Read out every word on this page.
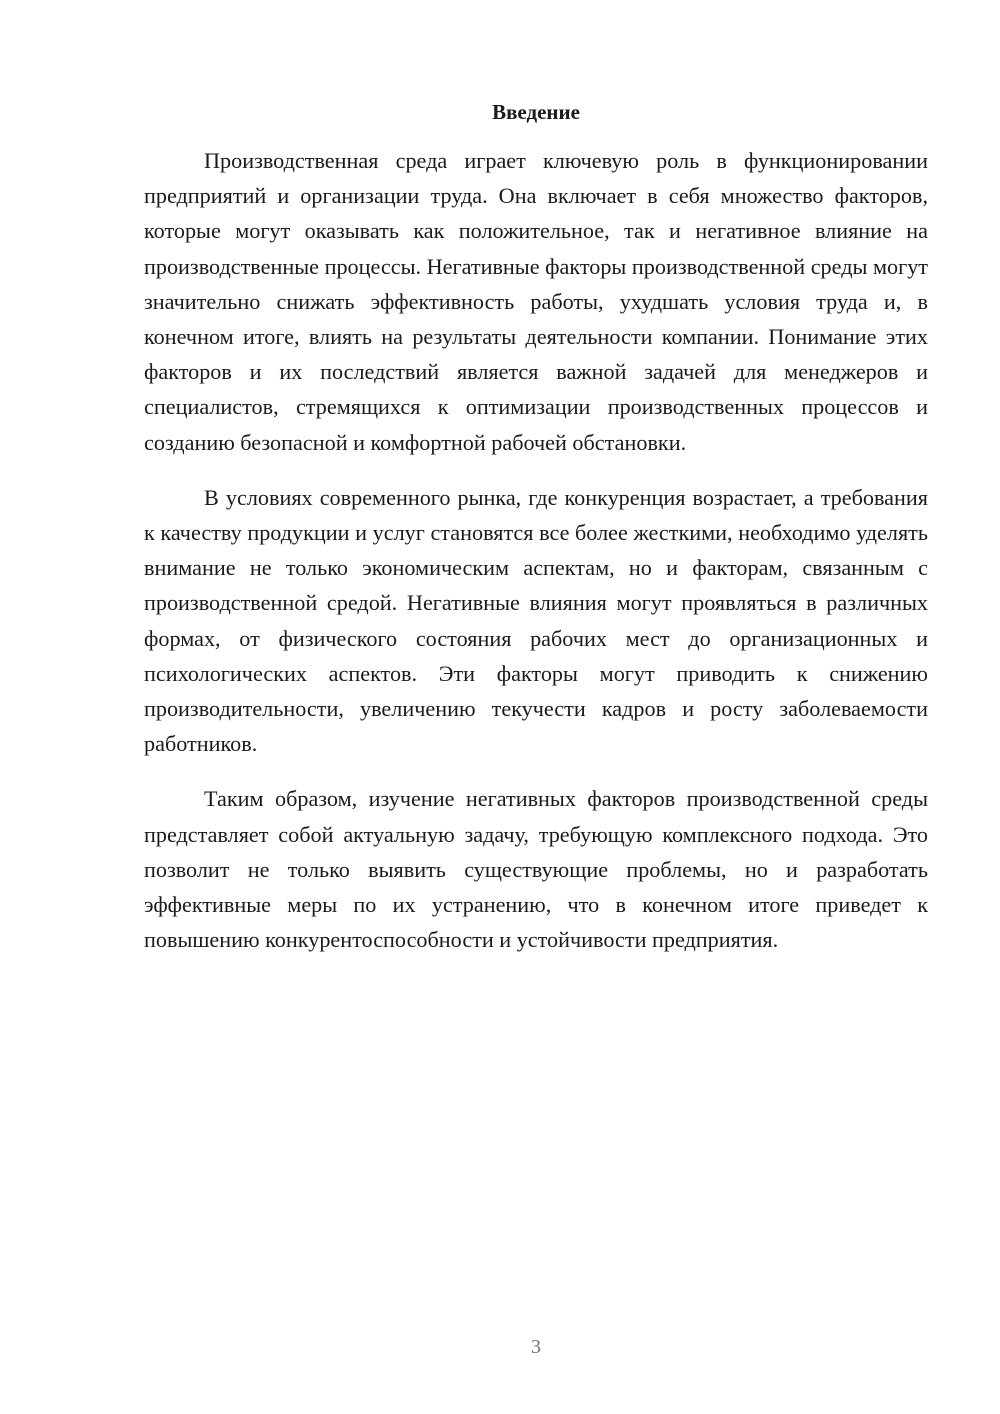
Введение

Производственная среда играет ключевую роль в функционировании предприятий и организации труда. Она включает в себя множество факторов, которые могут оказывать как положительное, так и негативное влияние на производственные процессы. Негативные факторы производственной среды могут значительно снижать эффективность работы, ухудшать условия труда и, в конечном итоге, влиять на результаты деятельности компании. Понимание этих факторов и их последствий является важной задачей для менеджеров и специалистов, стремящихся к оптимизации производственных процессов и созданию безопасной и комфортной рабочей обстановки.

В условиях современного рынка, где конкуренция возрастает, а требования к качеству продукции и услуг становятся все более жесткими, необходимо уделять внимание не только экономическим аспектам, но и факторам, связанным с производственной средой. Негативные влияния могут проявляться в различных формах, от физического состояния рабочих мест до организационных и психологических аспектов. Эти факторы могут приводить к снижению производительности, увеличению текучести кадров и росту заболеваемости работников.

Таким образом, изучение негативных факторов производственной среды представляет собой актуальную задачу, требующую комплексного подхода. Это позволит не только выявить существующие проблемы, но и разработать эффективные меры по их устранению, что в конечном итоге приведет к повышению конкурентоспособности и устойчивости предприятия.

3
